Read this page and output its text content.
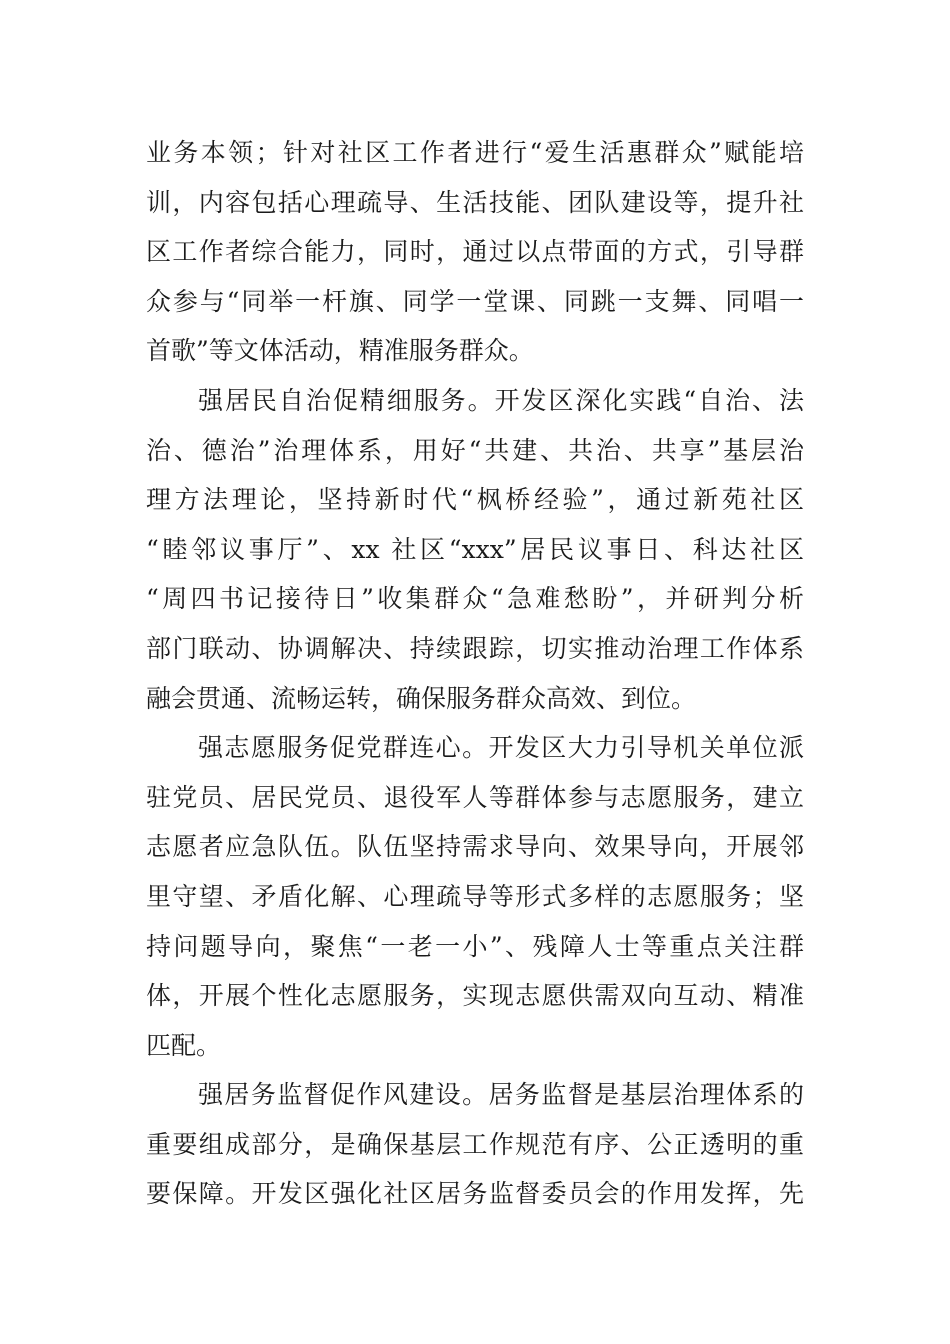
业务本领；针对社区工作者进行“爱生活惠群众”赋能培
训，内容包括心理疏导、生活技能、团队建设等，提升社
区工作者综合能力，同时，通过以点带面的方式，引导群
众参与“同举一杆旗、同学一堂课、同跳一支舞、同唱一
首歌”等文体活动，精准服务群众。
强居民自治促精细服务。开发区深化实践“自治、法
治、德治”治理体系，用好“共建、共治、共享”基层治
理方法理论，坚持新时代“枫桥经验”，通过新苑社区
“睦邻议事厅”、xx 社区“xxx”居民议事日、科达社区
“周四书记接待日”收集群众“急难愁盼”，并研判分析
部门联动、协调解决、持续跟踪，切实推动治理工作体系
融会贯通、流畅运转，确保服务群众高效、到位。
强志愿服务促党群连心。开发区大力引导机关单位派
驻党员、居民党员、退役军人等群体参与志愿服务，建立
志愿者应急队伍。队伍坚持需求导向、效果导向，开展邻
里守望、矛盾化解、心理疏导等形式多样的志愿服务；坚
持问题导向，聚焦“一老一小”、残障人士等重点关注群
体，开展个性化志愿服务，实现志愿供需双向互动、精准
匹配。
强居务监督促作风建设。居务监督是基层治理体系的
重要组成部分，是确保基层工作规范有序、公正透明的重
要保障。开发区强化社区居务监督委员会的作用发挥，先
